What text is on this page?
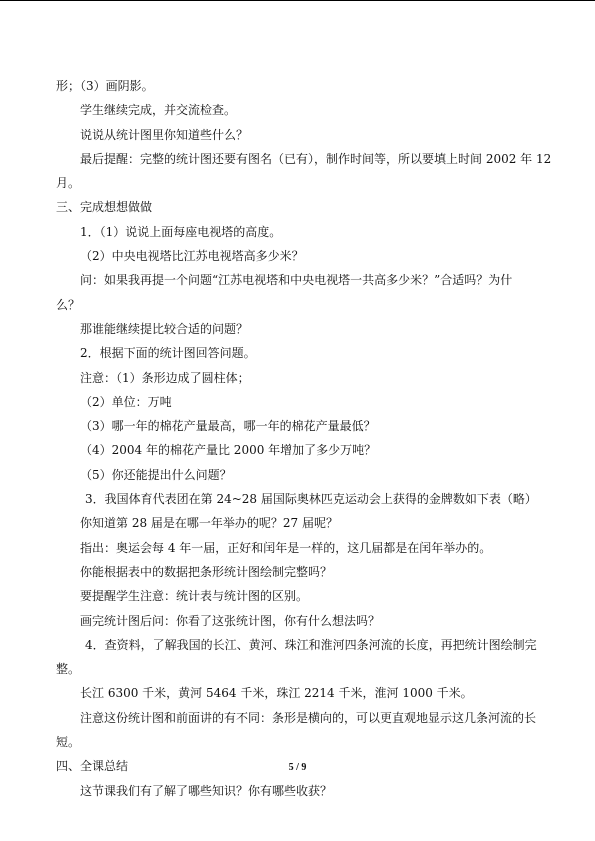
形；（3）画阴影。

学生继续完成，并交流检查。

说说从统计图里你知道些什么？

最后提醒：完整的统计图还要有图名（已有），制作时间等，所以要填上时间 2002 年 12

月。

三、完成想想做做

1．（1）说说上面每座电视塔的高度。

（2）中央电视塔比江苏电视塔高多少米？

问：如果我再提一个问题“江苏电视塔和中央电视塔一共高多少米？”合适吗？为什

么？

那谁能继续提比较合适的问题？

2．根据下面的统计图回答问题。

注意：（1）条形边成了圆柱体；

（2）单位：万吨

（3）哪一年的棉花产量最高，哪一年的棉花产量最低？

（4）2004 年的棉花产量比 2000 年增加了多少万吨？

（5）你还能提出什么问题？

3．我国体育代表团在第 24~28 届国际奥林匹克运动会上获得的金牌数如下表（略）

你知道第 28 届是在哪一年举办的呢？27 届呢？

指出：奥运会每 4 年一届，正好和闰年是一样的，这几届都是在闰年举办的。

你能根据表中的数据把条形统计图绘制完整吗？

要提醒学生注意：统计表与统计图的区别。

画完统计图后问：你看了这张统计图，你有什么想法吗？

4．查资料，了解我国的长江、黄河、珠江和淮河四条河流的长度，再把统计图绘制完

整。

长江 6300 千米，黄河 5464 千米，珠江 2214 千米，淮河 1000 千米。

注意这份统计图和前面讲的有不同：条形是横向的，可以更直观地显示这几条河流的长

短。

四、全课总结

这节课我们有了解了哪些知识？你有哪些收获？

5 / 9
